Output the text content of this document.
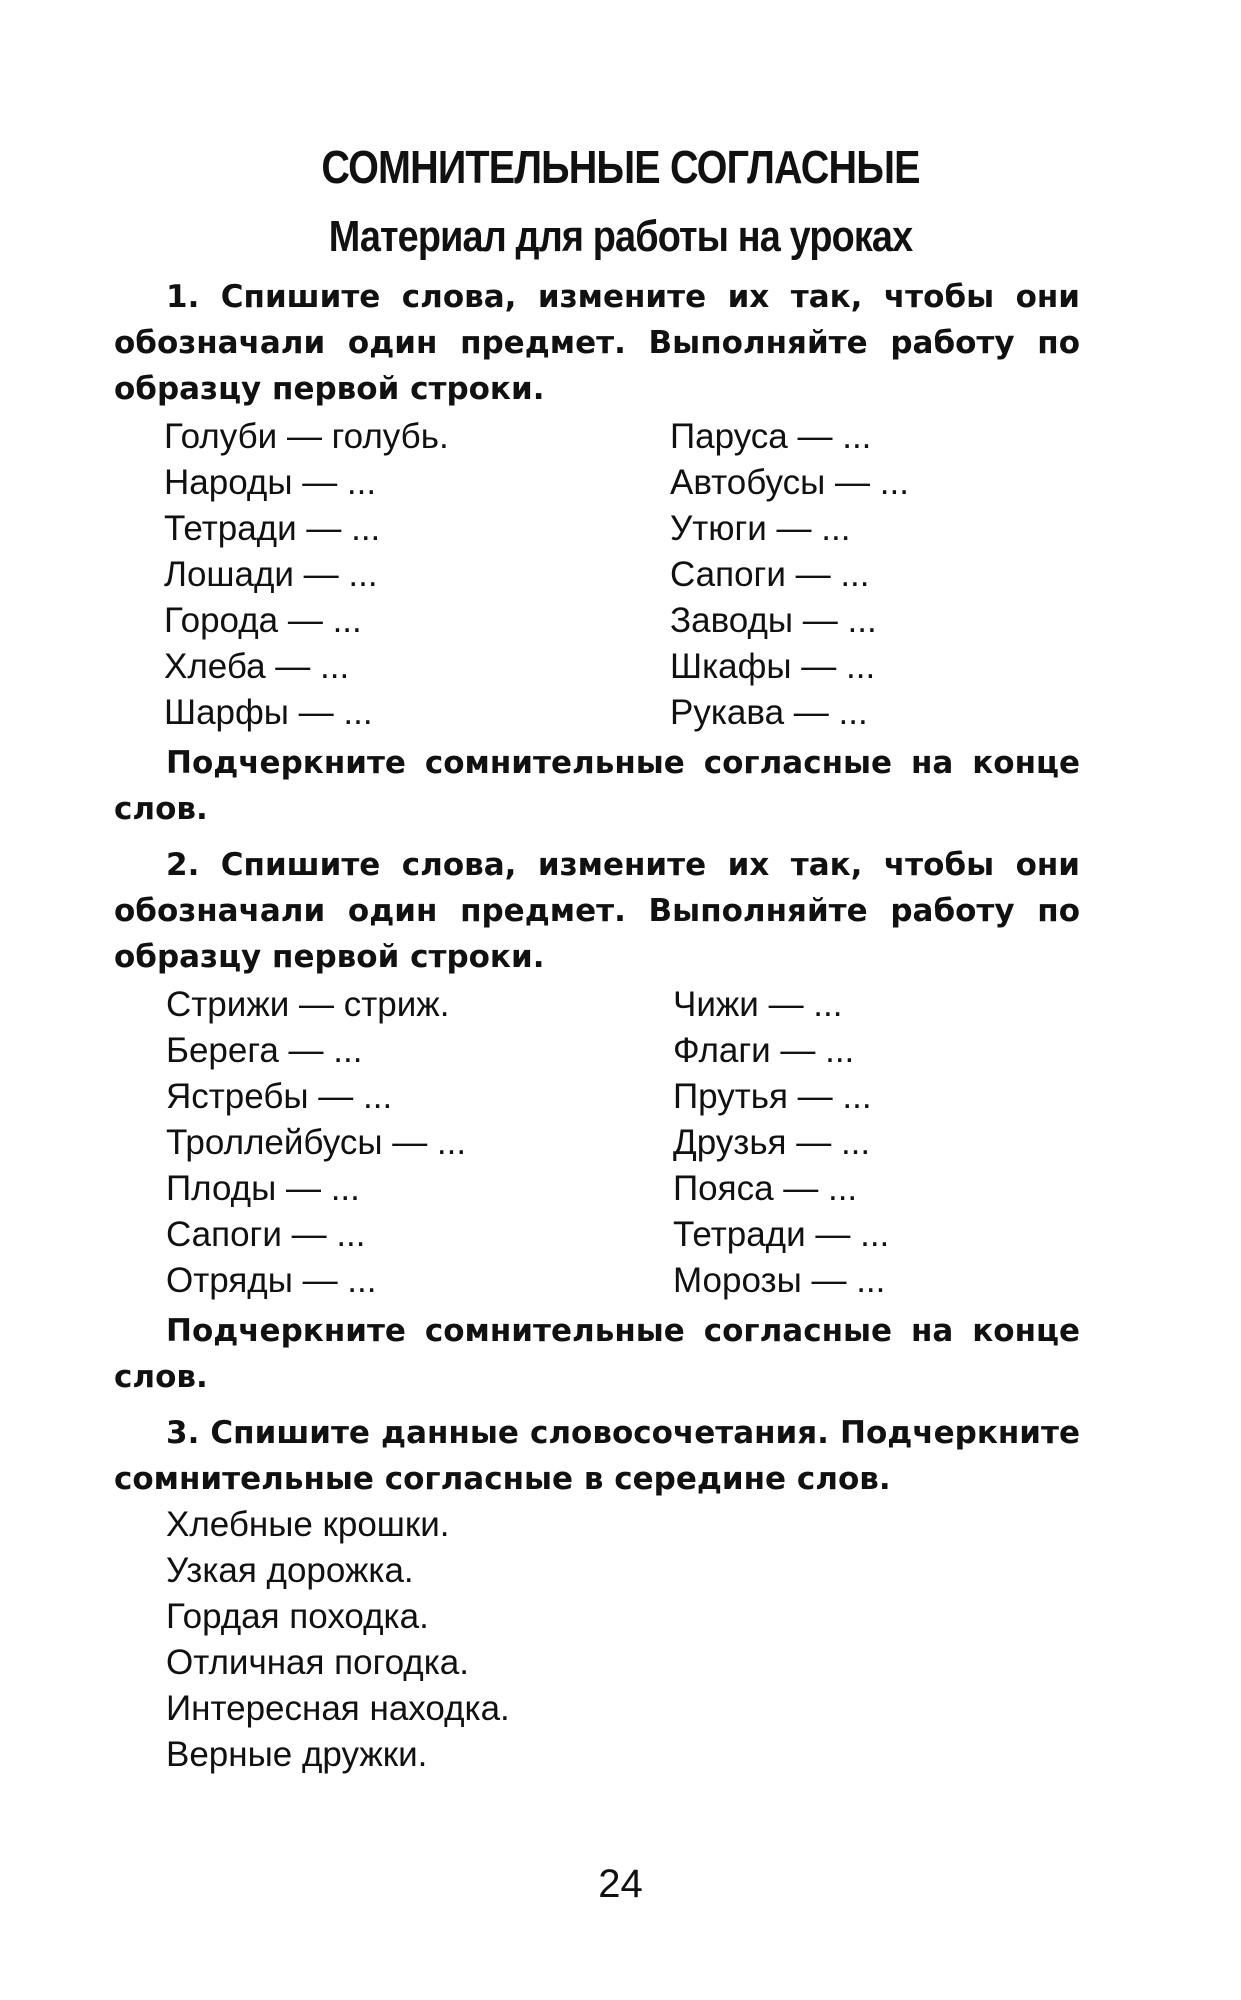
СОМНИТЕЛЬНЫЕ СОГЛАСНЫЕ
Материал для работы на уроках

1. Спишите слова, измените их так, чтобы они обозначали один предмет. Выполняйте работу по образцу первой строки.

Голуби — голубь.
Народы — ...
Тетради — ...
Лошади — ...
Города — ...
Хлеба — ...
Шарфы — ...
Паруса — ...
Автобусы — ...
Утюги — ...
Сапоги — ...
Заводы — ...
Шкафы — ...
Рукава — ...

Подчеркните сомнительные согласные на конце слов.

2. Спишите слова, измените их так, чтобы они обозначали один предмет. Выполняйте работу по образцу первой строки.

Стрижи — стриж.
Берега — ...
Ястребы — ...
Троллейбусы — ...
Плоды — ...
Сапоги — ...
Отряды — ...
Чижи — ...
Флаги — ...
Прутья — ...
Друзья — ...
Пояса — ...
Тетради — ...
Морозы — ...

Подчеркните сомнительные согласные на конце слов.

3. Спишите данные словосочетания. Подчеркните сомнительные согласные в середине слов.

Хлебные крошки.
Узкая дорожка.
Гордая походка.
Отличная погодка.
Интересная находка.
Верные дружки.
24
